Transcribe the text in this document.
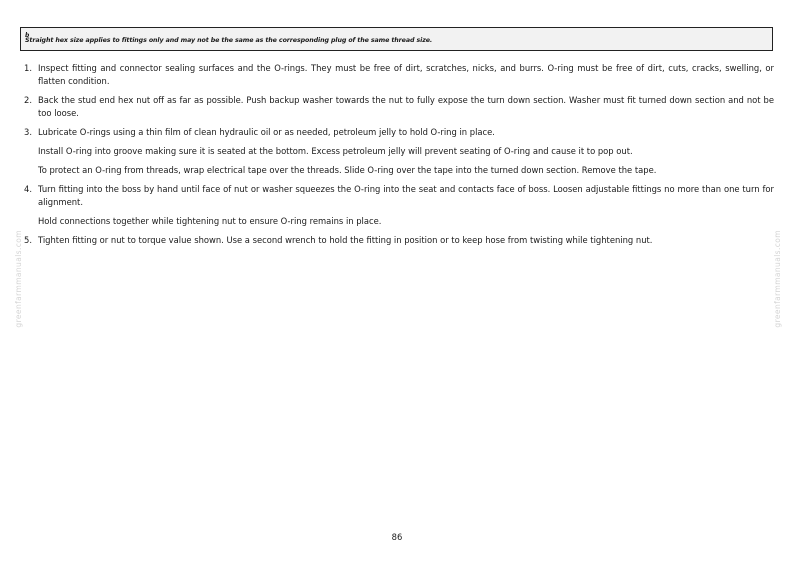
b
Straight hex size applies to fittings only and may not be the same as the corresponding plug of the same thread size.
1. Inspect fitting and connector sealing surfaces and the O-rings. They must be free of dirt, scratches, nicks, and burrs. O-ring must be free of dirt, cuts, cracks, swelling, or flatten condition.
2. Back the stud end hex nut off as far as possible. Push backup washer towards the nut to fully expose the turn down section. Washer must fit turned down section and not be too loose.
3. Lubricate O-rings using a thin film of clean hydraulic oil or as needed, petroleum jelly to hold O-ring in place.
Install O-ring into groove making sure it is seated at the bottom. Excess petroleum jelly will prevent seating of O-ring and cause it to pop out.
To protect an O-ring from threads, wrap electrical tape over the threads. Slide O-ring over the tape into the turned down section. Remove the tape.
4. Turn fitting into the boss by hand until face of nut or washer squeezes the O-ring into the seat and contacts face of boss. Loosen adjustable fittings no more than one turn for alignment.
Hold connections together while tightening nut to ensure O-ring remains in place.
5. Tighten fitting or nut to torque value shown. Use a second wrench to hold the fitting in position or to keep hose from twisting while tightening nut.
greenfarmmanuals.com	greenfarmmanuals.com
86
